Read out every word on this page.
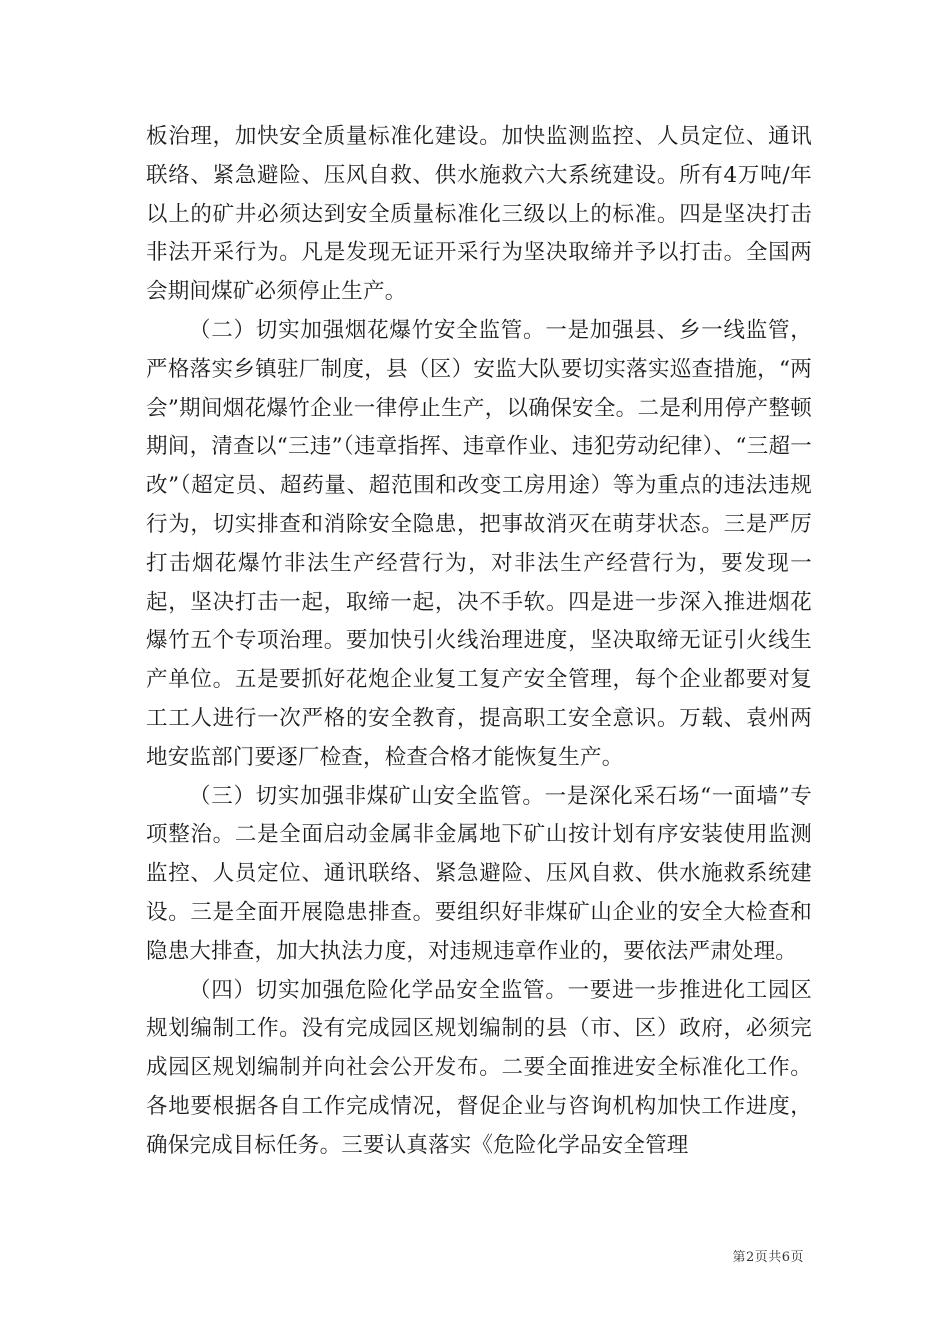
板治理，加快安全质量标准化建设。加快监测监控、人员定位、通讯联络、紧急避险、压风自救、供水施救六大系统建设。所有4万吨/年以上的矿井必须达到安全质量标准化三级以上的标准。四是坚决打击非法开采行为。凡是发现无证开采行为坚决取缔并予以打击。全国两会期间煤矿必须停止生产。

（二）切实加强烟花爆竹安全监管。一是加强县、乡一线监管，严格落实乡镇驻厂制度，县（区）安监大队要切实落实巡查措施，“两会”期间烟花爆竹企业一律停止生产，以确保安全。二是利用停产整顿期间，清查以“三违”（违章指挥、违章作业、违犯劳动纪律）、“三超一改”（超定员、超药量、超范围和改变工房用途）等为重点的违法违规行为，切实排查和消除安全隐患，把事故消灭在萌芽状态。三是严厉打击烟花爆竹非法生产经营行为，对非法生产经营行为，要发现一起，坚决打击一起，取缔一起，决不手软。四是进一步深入推进烟花爆竹五个专项治理。要加快引火线治理进度，坚决取缔无证引火线生产单位。五是要抓好花炮企业复工复产安全管理，每个企业都要对复工工人进行一次严格的安全教育，提高职工安全意识。万载、袁州两地安监部门要逐厂检查，检查合格才能恢复生产。

（三）切实加强非煤矿山安全监管。一是深化采石场“一面墙”专项整治。二是全面启动金属非金属地下矿山按计划有序安装使用监测监控、人员定位、通讯联络、紧急避险、压风自救、供水施救系统建设。三是全面开展隐患排查。要组织好非煤矿山企业的安全大检查和隐患大排查，加大执法力度，对违规违章作业的，要依法严肃处理。

（四）切实加强危险化学品安全监管。一要进一步推进化工园区规划编制工作。没有完成园区规划编制的县（市、区）政府，必须完成园区规划编制并向社会公开发布。二要全面推进安全标准化工作。各地要根据各自工作完成情况，督促企业与咨询机构加快工作进度，确保完成目标任务。三要认真落实《危险化学品安全管理

第2页共6页
